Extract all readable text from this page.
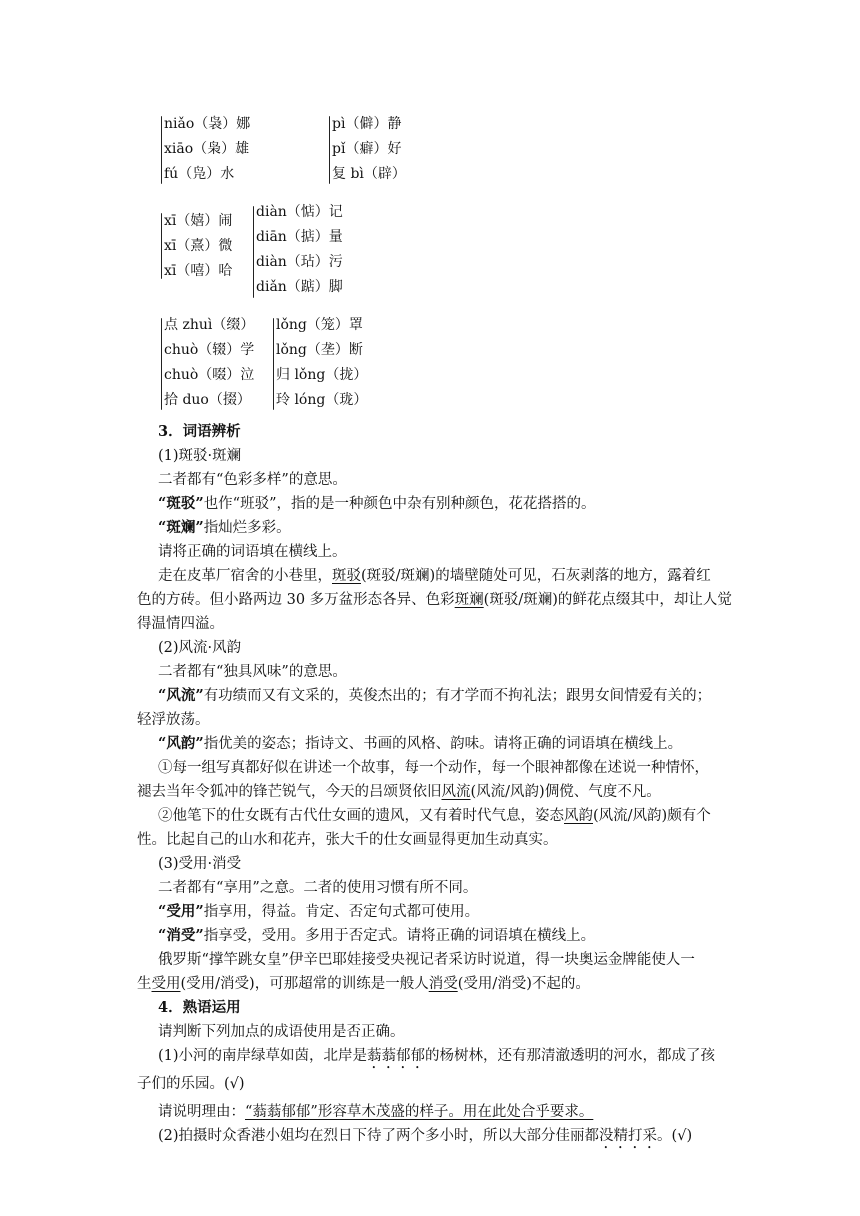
niǎo（袅）娜
xiāo（枭）雄
fú（凫）水
pì（僻）静
pǐ（癖）好
复 bì（辟）
xī（嬉）闹
xī（熹）微
xī（嘻）哈
diàn（惦）记
diān（掂）量
diàn（玷）污
diǎn（踮）脚
点 zhuì（缀）
chuò（辍）学
chuò（啜）泣
拾 duo（掇）
lǒng（笼）罩
lǒng（垄）断
归 lǒng（拢）
玲 lóng（珑）
3．词语辨析
(1)斑驳·斑斓
二者都有“色彩多样”的意思。
“斑驳”也作“班驳”，指的是一种颜色中杂有别种颜色，花花搭搭的。
“斑斓”指灿烂多彩。
请将正确的词语填在横线上。
走在皮革厂宿舍的小巷里，斑驳(斑驳/斑斓)的墙壁随处可见，石灰剥落的地方，露着红
色的方砖。但小路两边 30 多万盆形态各异、色彩斑斓(斑驳/斑斓)的鲜花点缀其中，却让人觉
得温情四溢。
(2)风流·风韵
二者都有“独具风味”的意思。
“风流”有功绩而又有文采的，英俊杰出的；有才学而不拘礼法；跟男女间情爱有关的；
轻浮放荡。
“风韵”指优美的姿态；指诗文、书画的风格、韵味。请将正确的词语填在横线上。
①每一组写真都好似在讲述一个故事，每一个动作，每一个眼神都像在述说一种情怀，
褪去当年令狐冲的锋芒锐气，今天的吕颂贤依旧风流(风流/风韵)倜傥、气度不凡。
②他笔下的仕女既有古代仕女画的遗风，又有着时代气息，姿态风韵(风流/风韵)颇有个
性。比起自己的山水和花卉，张大千的仕女画显得更加生动真实。
(3)受用·消受
二者都有“享用”之意。二者的使用习惯有所不同。
“受用”指享用，得益。肯定、否定句式都可使用。
“消受”指享受，受用。多用于否定式。请将正确的词语填在横线上。
俄罗斯“撑竿跳女皇”伊辛巴耶娃接受央视记者采访时说道，得一块奥运金牌能使人一
生受用(受用/消受)，可那超常的训练是一般人消受(受用/消受)不起的。
4．熟语运用
请判断下列加点的成语使用是否正确。
(1)小河的南岸绿草如茵，北岸是蓊蓊郁郁的杨树林，还有那清澈透明的河水，都成了孩
子们的乐园。(√)
请说明理由：“蓊蓊郁郁”形容草木茂盛的样子。用在此处合乎要求。
(2)拍摄时众香港小姐均在烈日下待了两个多小时，所以大部分佳丽都没精打采。(√)
